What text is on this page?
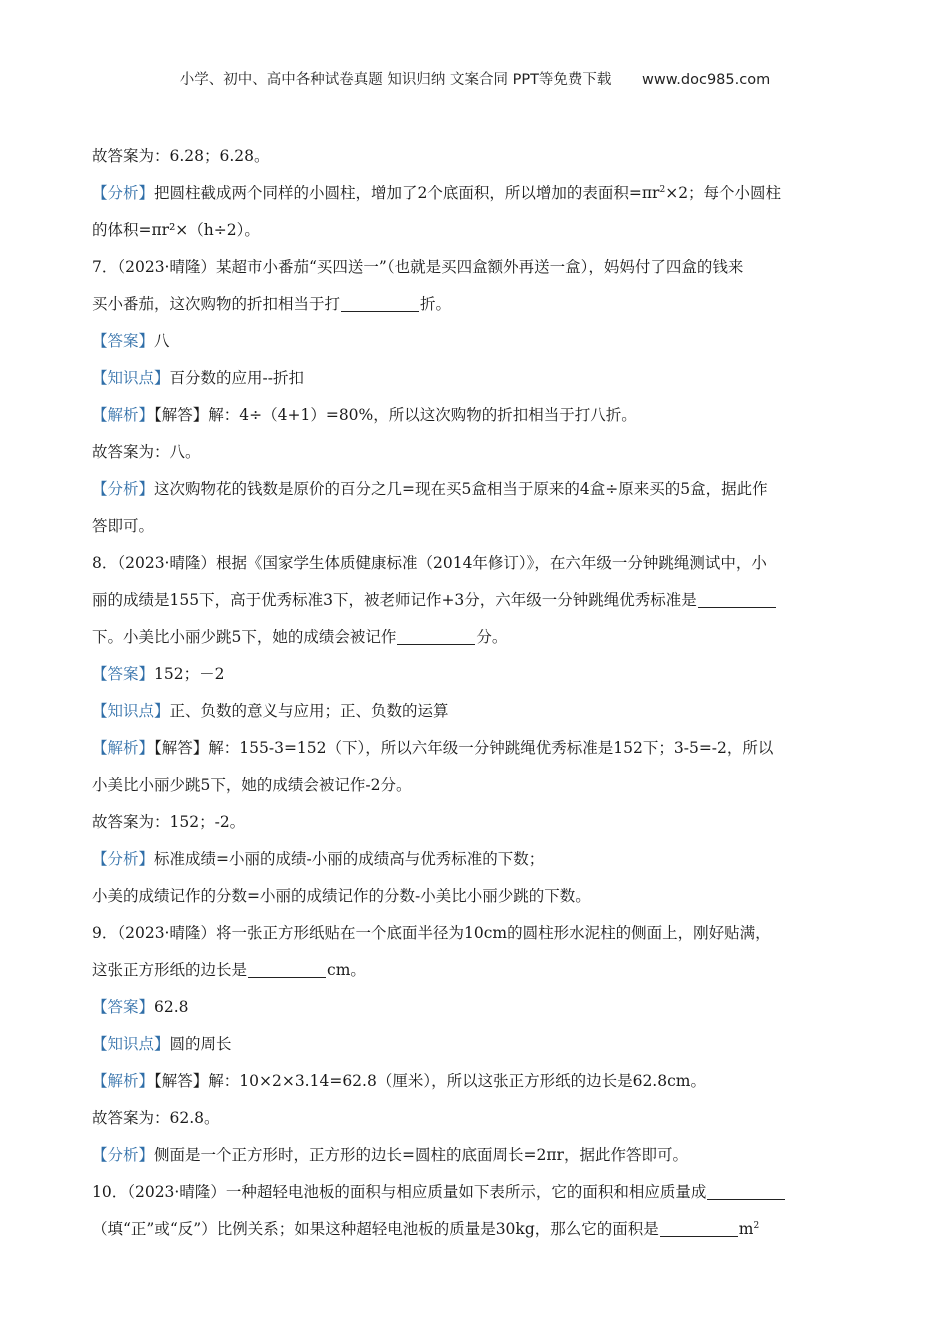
小学、初中、高中各种试卷真题 知识归纳 文案合同 PPT等免费下载 www.doc985.com
故答案为：6.28；6.28。
【分析】把圆柱截成两个同样的小圆柱，增加了2个底面积，所以增加的表面积$=\pi r^2\times 2$；每个小圆柱
的体积=πr²×（h÷2）。
7．（2023·晴隆）某超市小番茄“买四送一”（也就是买四盒额外再送一盒），妈妈付了四盒的钱来
买小番茄，这次购物的折扣相当于打	折。
【答案】八
【知识点】百分数的应用--折扣
【解析】【解答】解：4÷（4+1）=80%，所以这次购物的折扣相当于打八折。
故答案为：八。
【分析】这次购物花的钱数是原价的百分之几=现在买5盒相当于原来的4盒÷原来买的5盒，据此作
答即可。
8．（2023·晴隆）根据《国家学生体质健康标准（2014年修订）》，在六年级一分钟跳绳测试中，小
丽的成绩是155下，高于优秀标准3下，被老师记作+3分，六年级一分钟跳绳优秀标准是
下。小美比小丽少跳5下，她的成绩会被记作	分。
【答案】152；－2
【知识点】正、负数的意义与应用；正、负数的运算
【解析】【解答】解：155-3=152（下），所以六年级一分钟跳绳优秀标准是152下；3-5=-2，所以
小美比小丽少跳5下，她的成绩会被记作-2分。
故答案为：152；-2。
【分析】标准成绩=小丽的成绩-小丽的成绩高与优秀标准的下数；
小美的成绩记作的分数=小丽的成绩记作的分数-小美比小丽少跳的下数。
9．（2023·晴隆）将一张正方形纸贴在一个底面半径为10cm的圆柱形水泥柱的侧面上，刚好贴满，
这张正方形纸的边长是	cm。
【答案】62.8
【知识点】圆的周长
【解析】【解答】解：10×2×3.14=62.8（厘米），所以这张正方形纸的边长是62.8cm。
故答案为：62.8。
【分析】侧面是一个正方形时，正方形的边长=圆柱的底面周长=2πr，据此作答即可。
10．（2023·晴隆）一种超轻电池板的面积与相应质量如下表所示，它的面积和相应质量成
（填“正”或“反”）比例关系；如果这种超轻电池板的质量是30kg，那么它的面积是	$m^2$
